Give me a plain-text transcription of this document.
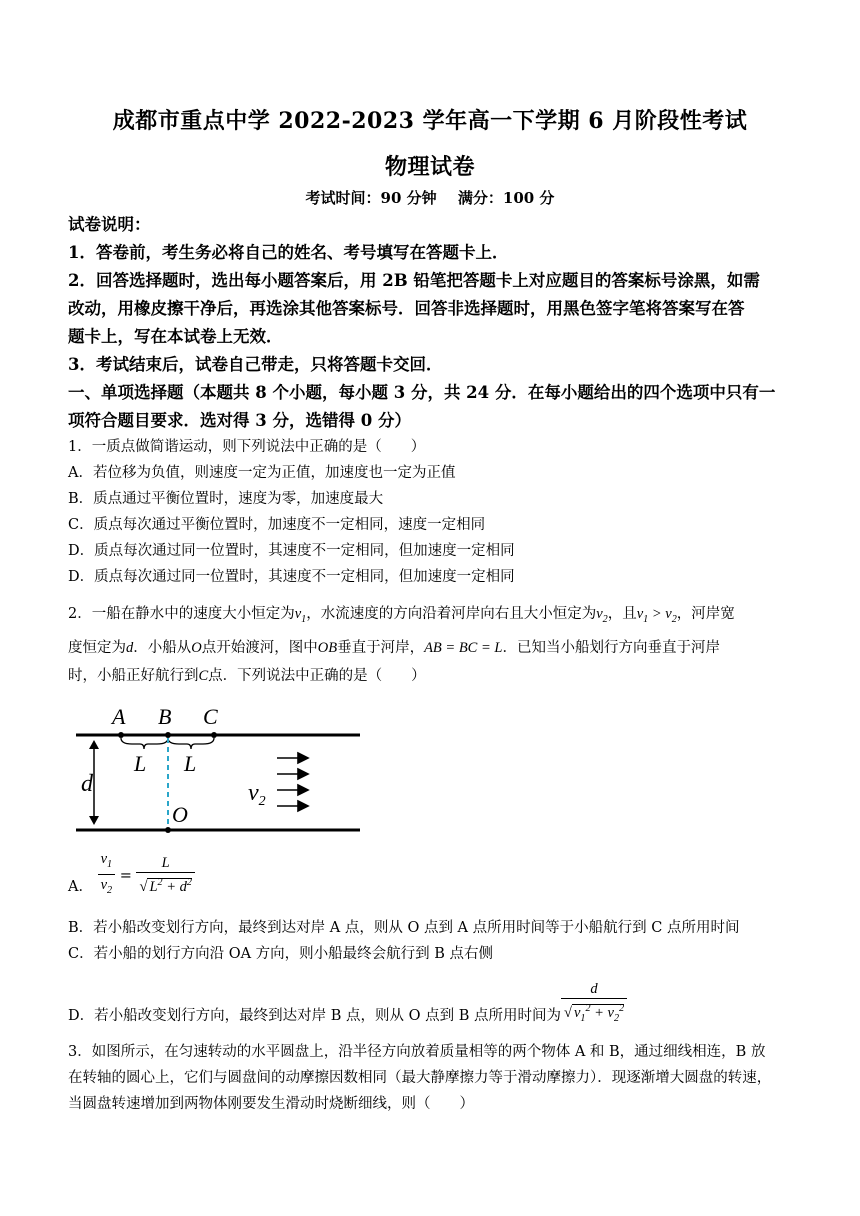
成都市重点中学 2022-2023 学年高一下学期 6 月阶段性考试
物理试卷
考试时间：90 分钟 满分：100 分
试卷说明：
1．答卷前，考生务必将自己的姓名、考号填写在答题卡上．
2．回答选择题时，选出每小题答案后，用 2B 铅笔把答题卡上对应题目的答案标号涂黑，如需
改动，用橡皮擦干净后，再选涂其他答案标号．回答非选择题时，用黑色签字笔将答案写在答
题卡上，写在本试卷上无效．
3．考试结束后，试卷自己带走，只将答题卡交回．
一、单项选择题（本题共 8 个小题，每小题 3 分，共 24 分．在每小题给出的四个选项中只有一
项符合题目要求．选对得 3 分，选错得 0 分）
1．一质点做简谐运动，则下列说法中正确的是（　　）
A．若位移为负值，则速度一定为正值，加速度也一定为正值
B．质点通过平衡位置时，速度为零，加速度最大
C．质点每次通过平衡位置时，加速度不一定相同，速度一定相同
D．质点每次通过同一位置时，其速度不一定相同，但加速度一定相同
D．质点每次通过同一位置时，其速度不一定相同，但加速度一定相同
2．一船在静水中的速度大小恒定为$v_1$，水流速度的方向沿着河岸向右且大小恒定为$v_2$，且$v_1 > v_2$，河岸宽
度恒定为d．小船从O点开始渡河，图中OB垂直于河岸，AB = BC = L．已知当小船划行方向垂直于河岸
时，小船正好航行到C点．下列说法中正确的是（　　）
A B C
L L
O
d	$v_2$
A． $\frac{v_1}{v_2} = \frac{L}{√ L^2 + d^2}$
B．若小船改变划行方向，最终到达对岸 A 点，则从 O 点到 A 点所用时间等于小船航行到 C 点所用时间
C．若小船的划行方向沿 OA 方向，则小船最终会航行到 B 点右侧
D．若小船改变划行方向，最终到达对岸 B 点，则从 O 点到 B 点所用时间为 $\frac{d}{√ v_1^2 + v_2^2}$
3．如图所示，在匀速转动的水平圆盘上，沿半径方向放着质量相等的两个物体 A 和 B，通过细线相连，B 放
在转轴的圆心上，它们与圆盘间的动摩擦因数相同（最大静摩擦力等于滑动摩擦力）．现逐渐增大圆盘的转速，
当圆盘转速增加到两物体刚要发生滑动时烧断细线，则（　　）
